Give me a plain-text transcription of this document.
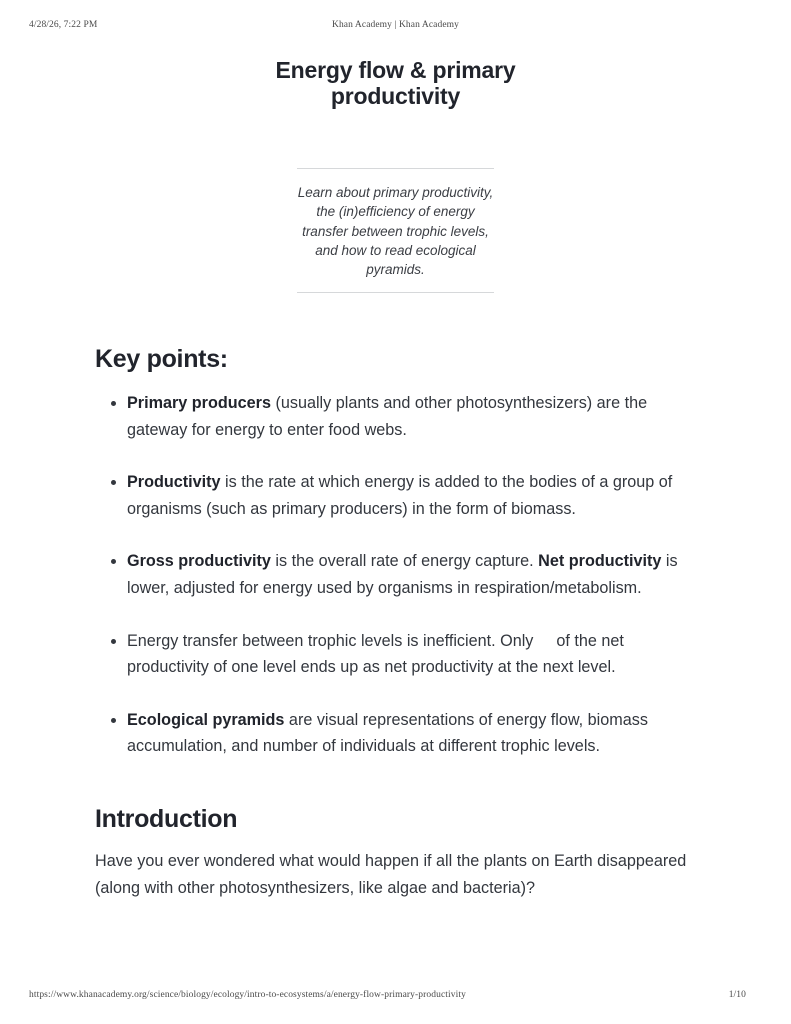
4/28/26, 7:22 PM	Khan Academy | Khan Academy
https://www.khanacademy.org/science/biology/ecology/intro-to-ecosystems/a/energy-flow-primary-productivity	1/10
Energy flow & primary productivity

Learn about primary productivity, the (in)efficiency of energy transfer between trophic levels, and how to read ecological pyramids.

Key points:
Primary producers (usually plants and other photosynthesizers) are the gateway for energy to enter food webs.
Productivity is the rate at which energy is added to the bodies of a group of organisms (such as primary producers) in the form of biomass.
Gross productivity is the overall rate of energy capture. Net productivity is lower, adjusted for energy used by organisms in respiration/metabolism.
Energy transfer between trophic levels is inefficient. Only  of the net productivity of one level ends up as net productivity at the next level.
Ecological pyramids are visual representations of energy flow, biomass accumulation, and number of individuals at different trophic levels.
Introduction

Have you ever wondered what would happen if all the plants on Earth disappeared (along with other photosynthesizers, like algae and bacteria)?
